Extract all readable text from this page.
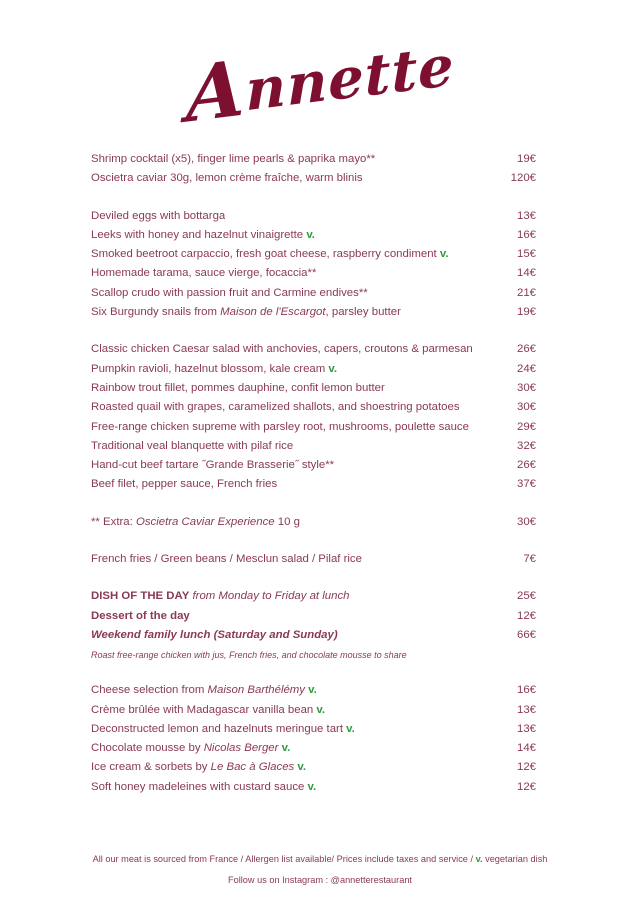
Annette
Shrimp cocktail (x5), finger lime pearls & paprika mayo**	19€
Oscietra caviar 30g, lemon crème fraîche, warm blinis	120€
Deviled eggs with bottarga	13€
Leeks with honey and hazelnut vinaigrette v.	16€
Smoked beetroot carpaccio, fresh goat cheese, raspberry condiment v.	15€
Homemade tarama, sauce vierge, focaccia**	14€
Scallop crudo with passion fruit and Carmine endives**	21€
Six Burgundy snails from Maison de l'Escargot, parsley butter	19€
Classic chicken Caesar salad with anchovies, capers, croutons & parmesan	26€
Pumpkin ravioli, hazelnut blossom, kale cream v.	24€
Rainbow trout fillet, pommes dauphine, confit lemon butter	30€
Roasted quail with grapes, caramelized shallots, and shoestring potatoes	30€
Free-range chicken supreme with parsley root, mushrooms, poulette sauce	29€
Traditional veal blanquette with pilaf rice	32€
Hand-cut beef tartare ˝Grande Brasserie˝ style**	26€
Beef filet, pepper sauce, French fries	37€
** Extra: Oscietra Caviar Experience 10 g	30€
French fries / Green beans / Mesclun salad / Pilaf rice	7€
DISH OF THE DAY from Monday to Friday at lunch	25€
Dessert of the day	12€
Weekend family lunch (Saturday and Sunday)	66€
Roast free-range chicken with jus, French fries, and chocolate mousse to share
Cheese selection from Maison Barthélémy v.	16€
Crème brûlée with Madagascar vanilla bean v.	13€
Deconstructed lemon and hazelnuts meringue tart v.	13€
Chocolate mousse by Nicolas Berger v.	14€
Ice cream & sorbets by Le Bac à Glaces v.	12€
Soft honey madeleines with custard sauce v.	12€
All our meat is sourced from France / Allergen list available/ Prices include taxes and service / v. vegetarian dish
Follow us on Instagram : @annetterestaurant
